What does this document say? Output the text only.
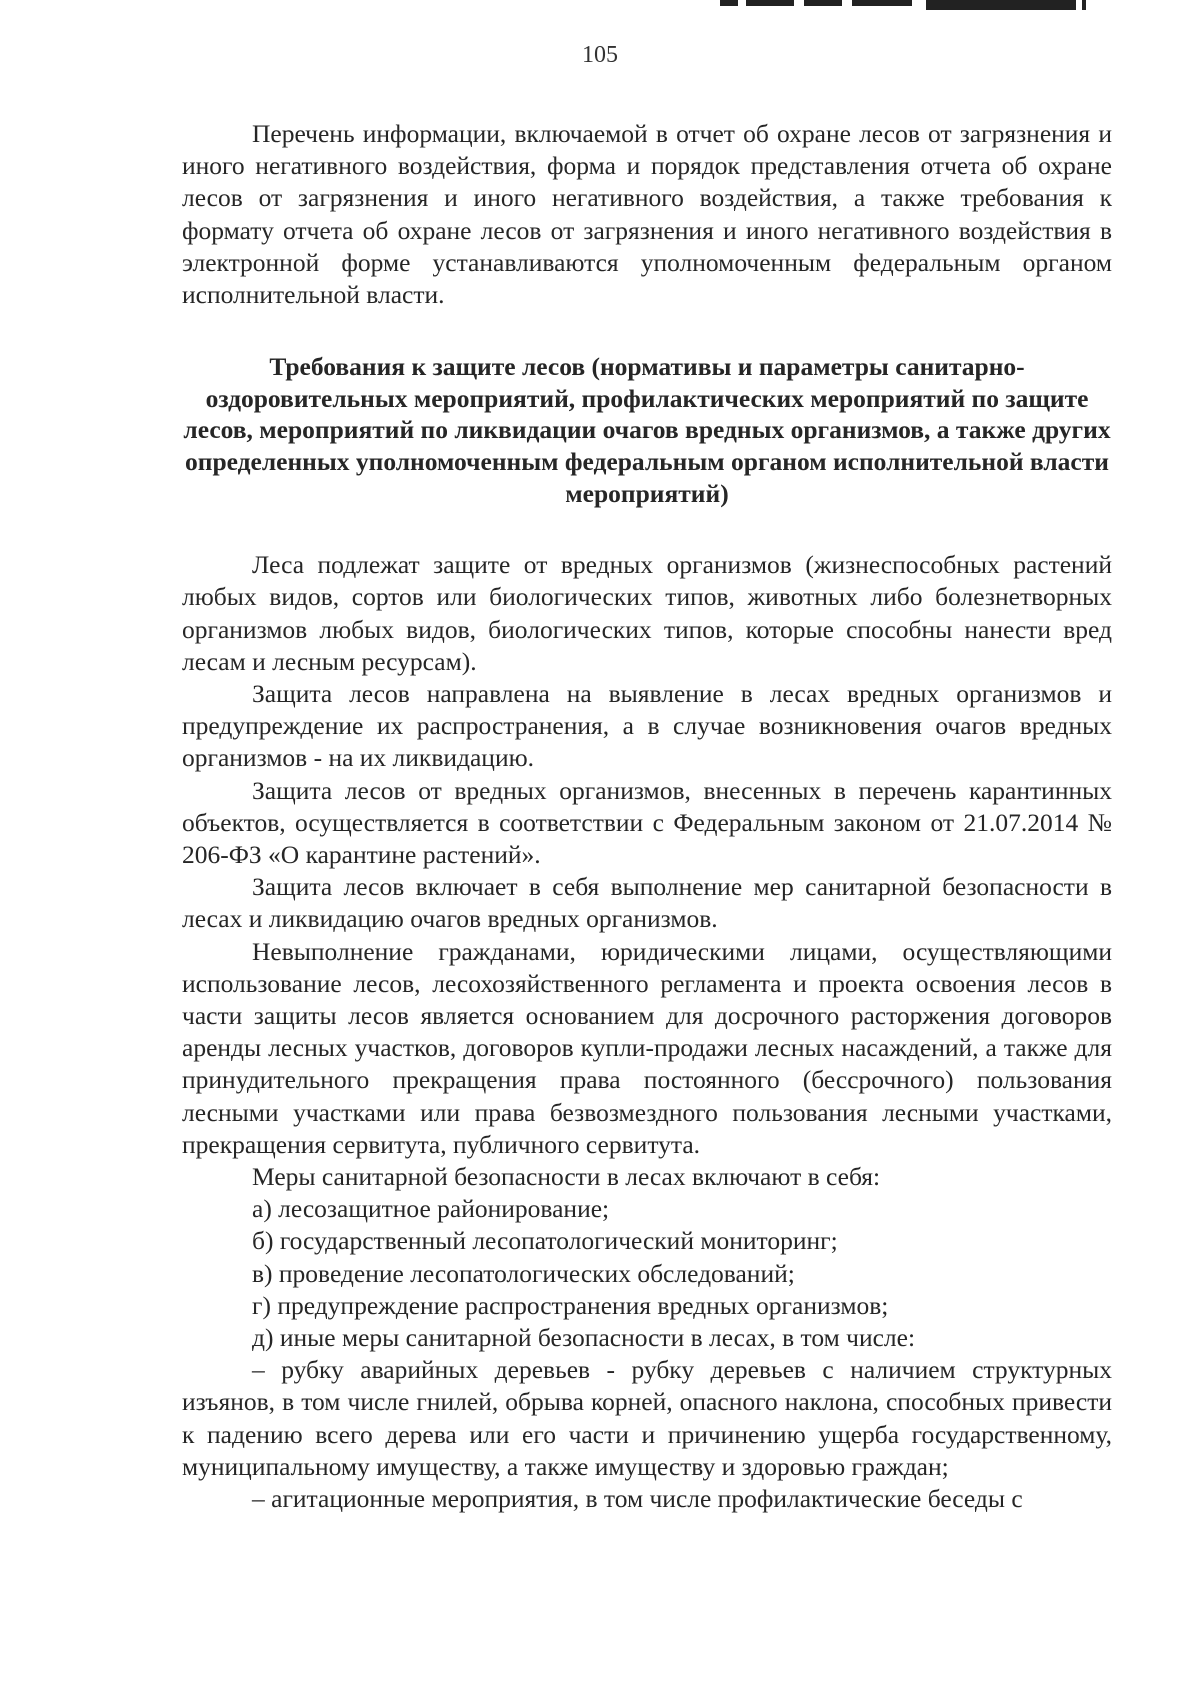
105

Перечень информации, включаемой в отчет об охране лесов от загрязнения и иного негативного воздействия, форма и порядок представления отчета об охране лесов от загрязнения и иного негативного воздействия, а также требования к формату отчета об охране лесов от загрязнения и иного негативного воздействия в электронной форме устанавливаются уполномоченным федеральным органом исполнительной власти.

Требования к защите лесов (нормативы и параметры санитарно-оздоровительных мероприятий, профилактических мероприятий по защите лесов, мероприятий по ликвидации очагов вредных организмов, а также других определенных уполномоченным федеральным органом исполнительной власти мероприятий)

Леса подлежат защите от вредных организмов (жизнеспособных растений любых видов, сортов или биологических типов, животных либо болезнетворных организмов любых видов, биологических типов, которые способны нанести вред лесам и лесным ресурсам).

Защита лесов направлена на выявление в лесах вредных организмов и предупреждение их распространения, а в случае возникновения очагов вредных организмов - на их ликвидацию.

Защита лесов от вредных организмов, внесенных в перечень карантинных объектов, осуществляется в соответствии с Федеральным законом от 21.07.2014 № 206-ФЗ «О карантине растений».

Защита лесов включает в себя выполнение мер санитарной безопасности в лесах и ликвидацию очагов вредных организмов.

Невыполнение гражданами, юридическими лицами, осуществляющими использование лесов, лесохозяйственного регламента и проекта освоения лесов в части защиты лесов является основанием для досрочного расторжения договоров аренды лесных участков, договоров купли-продажи лесных насаждений, а также для принудительного прекращения права постоянного (бессрочного) пользования лесными участками или права безвозмездного пользования лесными участками, прекращения сервитута, публичного сервитута.

Меры санитарной безопасности в лесах включают в себя:

а) лесозащитное районирование;

б) государственный лесопатологический мониторинг;

в) проведение лесопатологических обследований;

г) предупреждение распространения вредных организмов;

д) иные меры санитарной безопасности в лесах, в том числе:

– рубку аварийных деревьев - рубку деревьев с наличием структурных изъянов, в том числе гнилей, обрыва корней, опасного наклона, способных привести к падению всего дерева или его части и причинению ущерба государственному, муниципальному имуществу, а также имуществу и здоровью граждан;

– агитационные мероприятия, в том числе профилактические беседы с
